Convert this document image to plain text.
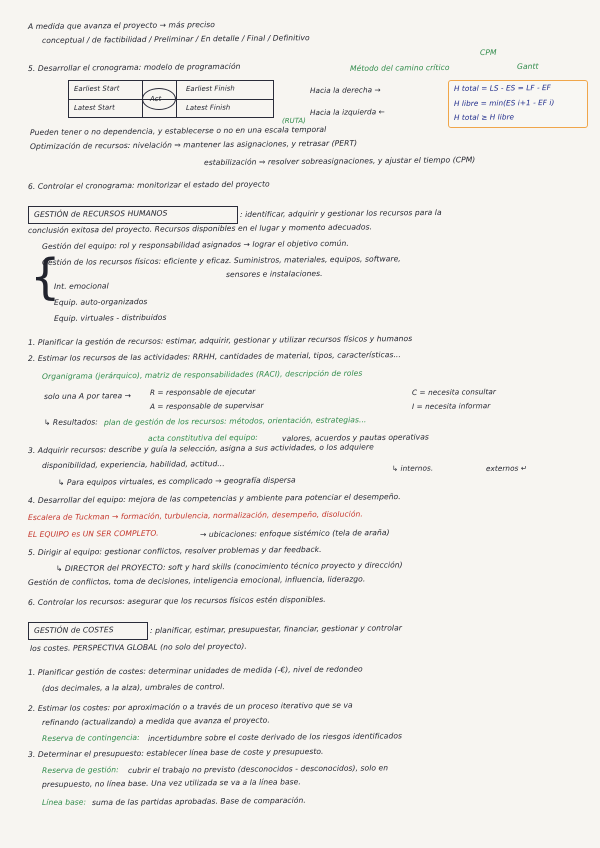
A medida que avanza el proyecto → más preciso
conceptual / de factibilidad / Preliminar / En detalle / Final / Definitivo
5. Desarrollar el cronograma: modelo de programación	Método del camino crítico	Gantt
CPM
Earliest Start	Earliest Finish
Latest Start	Latest Finish
Act
Hacia la derecha →
Hacia la izquierda ←
(RUTA)
H total = LS - ES = LF - EF
H libre = min(ES i+1 - EF i)
H total ≥ H libre
Pueden tener o no dependencia, y establecerse o no en una escala temporal
Optimización de recursos: nivelación ⇒ mantener las asignaciones, y retrasar (PERT)
estabilización ⇒ resolver sobreasignaciones, y ajustar el tiempo (CPM)
6. Controlar el cronograma: monitorizar el estado del proyecto
GESTIÓN de RECURSOS HUMANOS	: identificar, adquirir y gestionar los recursos para la
conclusión exitosa del proyecto. Recursos disponibles en el lugar y momento adecuados.
Gestión del equipo: rol y responsabilidad asignados → lograr el objetivo común.
Gestión de los recursos físicos: eficiente y eficaz. Suministros, materiales, equipos, software,
sensores e instalaciones.
{
Int. emocional
Equip. auto-organizados
Equip. virtuales - distribuidos
1. Planificar la gestión de recursos: estimar, adquirir, gestionar y utilizar recursos físicos y humanos
2. Estimar los recursos de las actividades: RRHH, cantidades de material, tipos, características...
Organigrama (jerárquico), matriz de responsabilidades (RACI), descripción de roles
solo una A por tarea →	R = responsable de ejecutar	C = necesita consultar
A = responsable de supervisar	I = necesita informar
↳ Resultados: plan de gestión de los recursos: métodos, orientación, estrategias...
acta constitutiva del equipo:	valores, acuerdos y pautas operativas
3. Adquirir recursos: describe y guía la selección, asigna a sus actividades, o los adquiere
disponibilidad, experiencia, habilidad, actitud...	↳ internos.	externos ↵
↳ Para equipos virtuales, es complicado → geografía dispersa
4. Desarrollar del equipo: mejora de las competencias y ambiente para potenciar el desempeño.
Escalera de Tuckman → formación, turbulencia, normalización, desempeño, disolución.
EL EQUIPO es UN SER COMPLETO.	→ ubicaciones: enfoque sistémico (tela de araña)
5. Dirigir al equipo: gestionar conflictos, resolver problemas y dar feedback.
↳ DIRECTOR del PROYECTO: soft y hard skills (conocimiento técnico proyecto y dirección)
Gestión de conflictos, toma de decisiones, inteligencia emocional, influencia, liderazgo.
6. Controlar los recursos: asegurar que los recursos físicos estén disponibles.
GESTIÓN de COSTES	: planificar, estimar, presupuestar, financiar, gestionar y controlar
los costes. PERSPECTIVA GLOBAL (no solo del proyecto).
1. Planificar gestión de costes: determinar unidades de medida (-€), nivel de redondeo
(dos decimales, a la alza), umbrales de control.
2. Estimar los costes: por aproximación o a través de un proceso iterativo que se va
refinando (actualizando) a medida que avanza el proyecto.
Reserva de contingencia: incertidumbre sobre el coste derivado de los riesgos identificados
3. Determinar el presupuesto: establecer línea base de coste y presupuesto.
Reserva de gestión: cubrir el trabajo no previsto (desconocidos - desconocidos), solo en
presupuesto, no línea base. Una vez utilizada se va a la línea base.
Línea base: suma de las partidas aprobadas. Base de comparación.
